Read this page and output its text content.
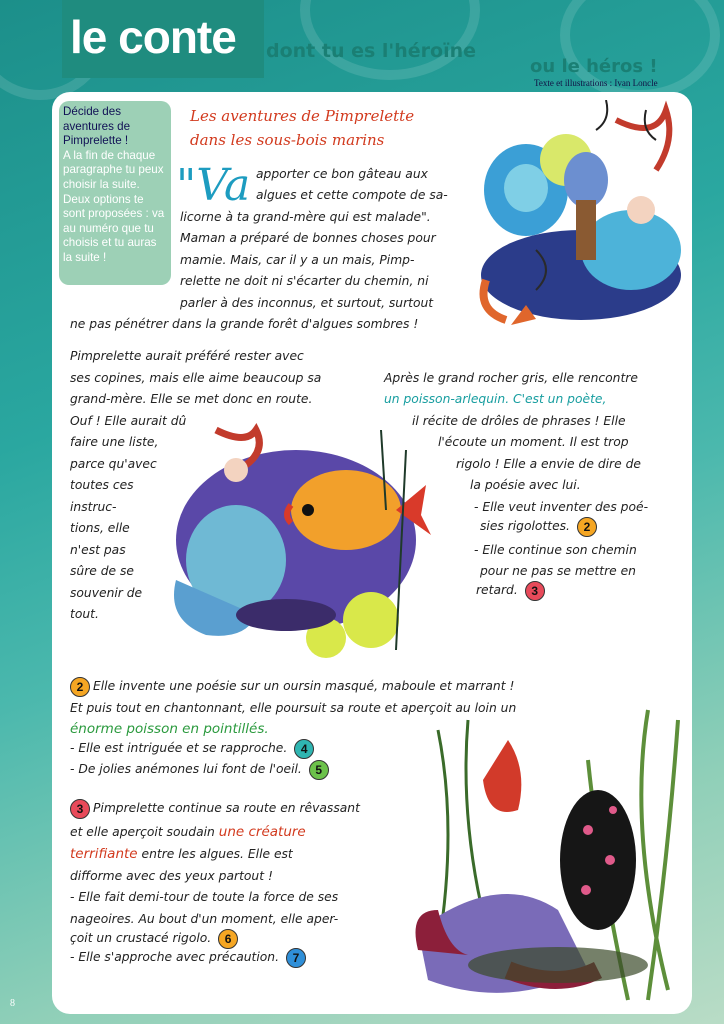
le conte dont tu es l'héroïne
ou le héros !
Texte et illustrations : Ivan Loncle
Décide des aventures de Pimprelette !
A la fin de chaque paragraphe tu peux choisir la suite. Deux options te sont proposées : va au numéro que tu choisis et tu auras la suite !
Les aventures de Pimprelette
dans les sous-bois marins
"Va apporter ce bon gâteau aux
algues et cette compote de sa-
licorne à ta grand-mère qui est malade".
Maman a préparé de bonnes choses pour
mamie. Mais, car il y a un mais, Pimp-
relette ne doit ni s'écarter du chemin, ni
parler à des inconnus, et surtout, surtout
ne pas pénétrer dans la grande forêt d'algues sombres !
Pimprelette aurait préféré rester avec
ses copines, mais elle aime beaucoup sa
grand-mère. Elle se met donc en route.
Ouf ! Elle aurait dû
faire une liste,
parce qu'avec
toutes ces
instruc-
tions, elle
n'est pas
sûre de se
souvenir de
tout.
Après le grand rocher gris, elle rencontre
un poisson-arlequin. C'est un poète,
il récite de drôles de phrases ! Elle
l'écoute un moment. Il est trop
rigolo ! Elle a envie de dire de
la poésie avec lui.
- Elle veut inventer des poé-
sies rigolottes. 2
- Elle continue son chemin
pour ne pas se mettre en
retard. 3
2 Elle invente une poésie sur un oursin masqué, maboule et marrant !
Et puis tout en chantonnant, elle poursuit sa route et aperçoit au loin un
énorme poisson en pointillés.
- Elle est intriguée et se rapproche. 4
- De jolies anémones lui font de l'oeil. 5
3 Pimprelette continue sa route en rêvassant
et elle aperçoit soudain une créature
terrifiante entre les algues. Elle est
difforme avec des yeux partout !
- Elle fait demi-tour de toute la force de ses
nageoires. Au bout d'un moment, elle aper-
çoit un crustacé rigolo. 6
- Elle s'approche avec précaution. 7
8
